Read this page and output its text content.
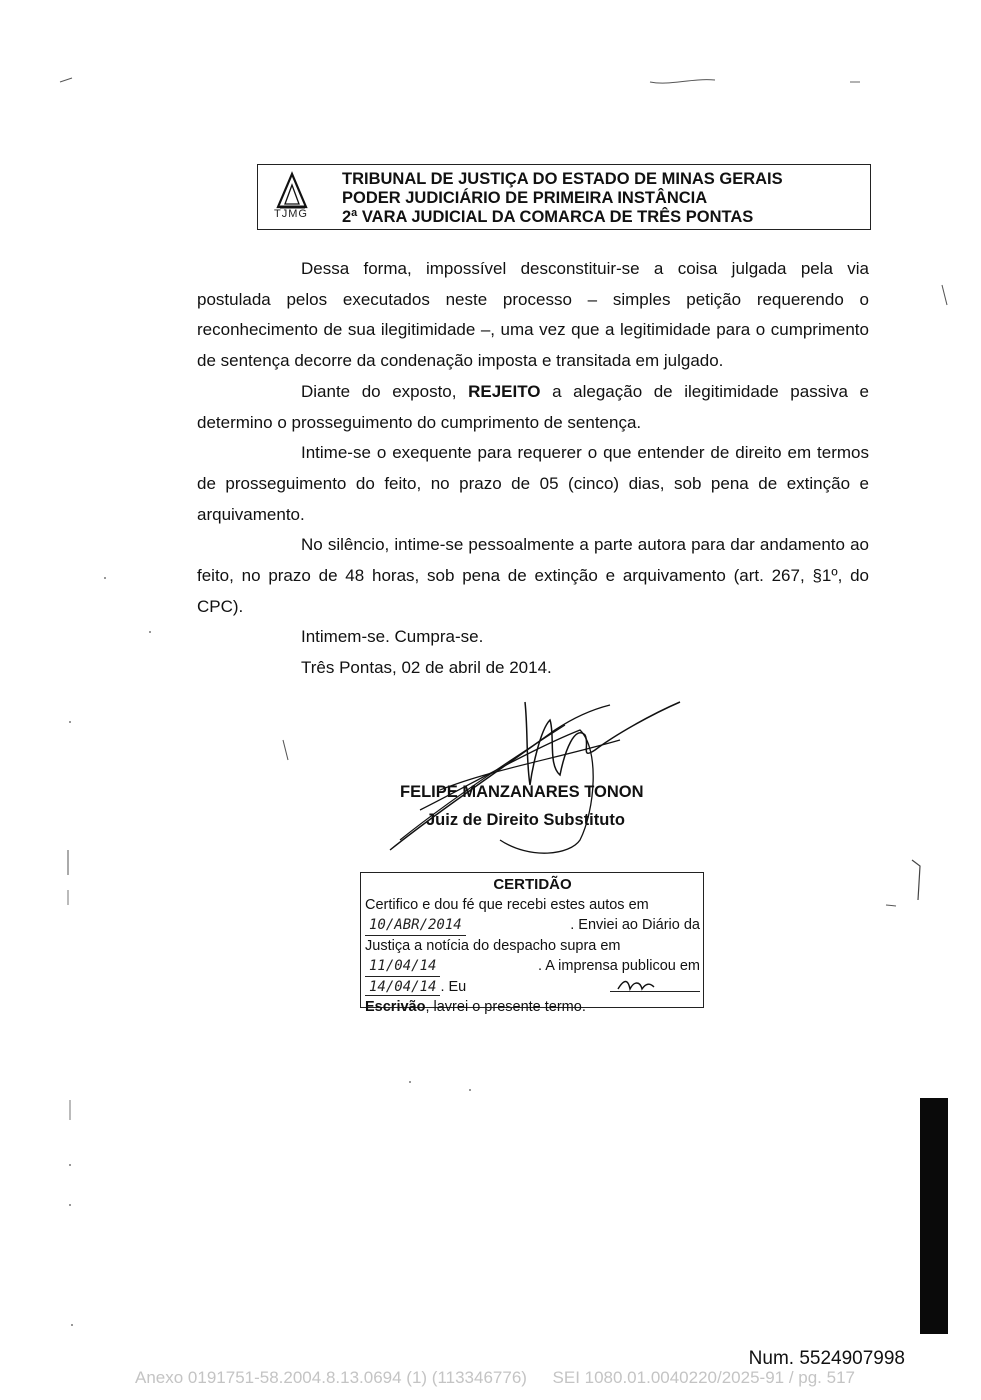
TJMG
TRIBUNAL DE JUSTIÇA DO ESTADO DE MINAS GERAIS
PODER JUDICIÁRIO DE PRIMEIRA INSTÂNCIA
2ª VARA JUDICIAL DA COMARCA DE TRÊS PONTAS

Dessa forma, impossível desconstituir-se a coisa julgada pela via postulada pelos executados neste processo – simples petição requerendo o reconhecimento de sua ilegitimidade –, uma vez que a legitimidade para o cumprimento de sentença decorre da condenação imposta e transitada em julgado.

Diante do exposto, REJEITO a alegação de ilegitimidade passiva e determino o prosseguimento do cumprimento de sentença.

Intime-se o exequente para requerer o que entender de direito em termos de prosseguimento do feito, no prazo de 05 (cinco) dias, sob pena de extinção e arquivamento.

No silêncio, intime-se pessoalmente a parte autora para dar andamento ao feito, no prazo de 48 horas, sob pena de extinção e arquivamento (art. 267, §1º, do CPC).

Intimem-se. Cumpra-se.

Três Pontas, 02 de abril de 2014.

FELIPE MANZANARES TONON
Juiz de Direito Substituto
CERTIDÃO
Certifico e dou fé que recebi estes autos em
10/ABR/2014	. Enviei ao Diário da
Justiça a notícia do despacho supra em
11/04/14	. A imprensa publicou em
14/04/14 . Eu
Escrivão , lavrei o presente termo.
Num. 5524907998
Anexo 0191751-58.2004.8.13.0694 (1) (113346776) SEI 1080.01.0040220/2025-91 / pg. 517
